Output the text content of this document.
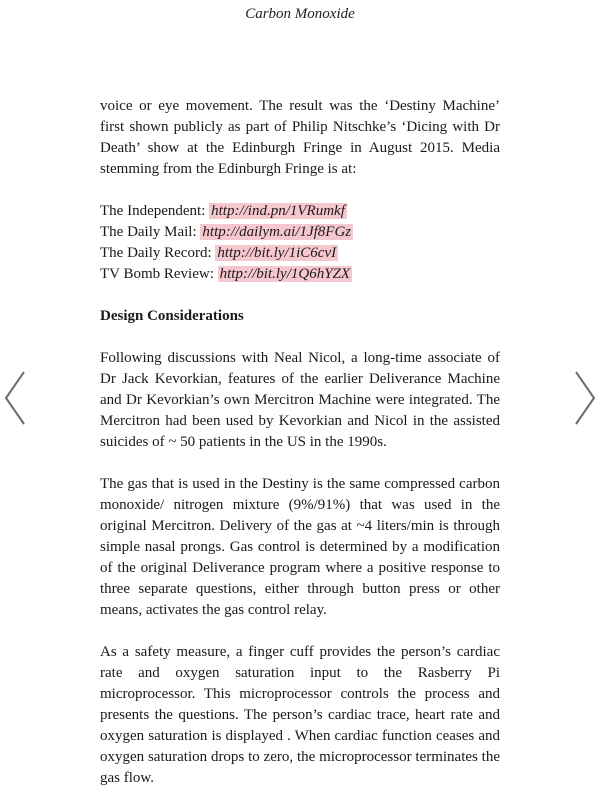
Carbon Monoxide

voice or eye movement. The result was the ‘Destiny Machine’ first shown publicly as part of Philip Nitschke’s ‘Dicing with Dr Death’ show at the Edinburgh Fringe in August 2015. Media stemming from the Edinburgh Fringe is at:

The Independent: http://ind.pn/1VRumkf

The Daily Mail: http://dailym.ai/1Jf8FGz

The Daily Record: http://bit.ly/1iC6cvI

TV Bomb Review: http://bit.ly/1Q6hYZX

Design Considerations

Following discussions with Neal Nicol, a long-time associate of Dr Jack Kevorkian, features of the earlier Deliverance Machine and Dr Kevorkian’s own Mercitron Machine were integrated. The Mercitron had been used by Kevorkian and Nicol in the assisted suicides of ~ 50 patients in the US in the 1990s.

The gas that is used in the Destiny is the same compressed carbon monoxide/ nitrogen mixture (9%/91%) that was used in the original Mercitron. Delivery of the gas at ~4 liters/min is through simple nasal prongs. Gas control is determined by a modification of the original Deliverance program where a positive response to three separate questions, either through button press or other means, activates the gas control relay.

As a safety measure, a finger cuff provides the person’s cardiac rate and oxygen saturation input to the Rasberry Pi microprocessor. This microprocessor controls the process and presents the questions. The person’s cardiac trace, heart rate and oxygen saturation is displayed . When cardiac function ceases and oxygen saturation drops to zero, the microprocessor terminates the gas flow.
